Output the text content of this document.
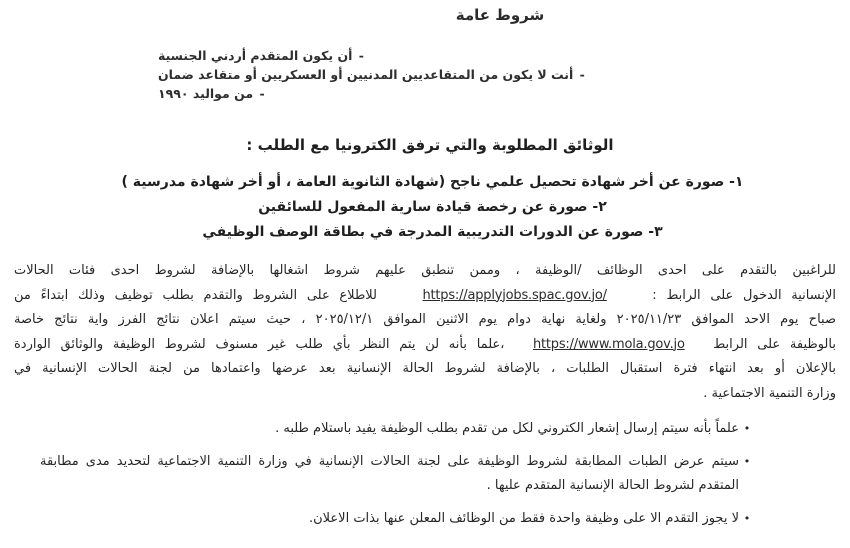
شروط عامة
-
أن يكون المتقدم أردني الجنسية
-
أنت لا يكون من المتقاعديين المدنيين أو العسكريين أو متقاعد ضمان
-
من مواليد ١٩٩٠
الوثائق المطلوبة والتي ترفق الكترونيا مع الطلب :
١- صورة عن أخر شهادة تحصيل علمي ناجح (شهادة الثانوية العامة ، أو أخر شهادة مدرسية )
٢- صورة عن رخصة قيادة سارية المفعول للسائقين
٣- صورة عن الدورات التدريبية المدرجة في بطاقة الوصف الوظيفي
للراغبين بالتقدم على احدى الوظائف /الوظيفة ، وممن تنطبق عليهم شروط اشغالها بالإضافة لشروط احدى فئات الحالات
الإنسانية الدخول على الرابط :  https://applyjobs.spac.gov.jo/  للاطلاع على الشروط والتقدم بطلب توظيف وذلك ابتداءً من
صباح يوم الاحد الموافق ٢٠٢٥/١١/٢٣ ولغاية نهاية دوام يوم الاثنين الموافق ٢٠٢٥/١٢/١ ، حيث سيتم اعلان نتائج الفرز واية نتائج خاصة
بالوظيفة على الرابط  https://www.mola.gov.jo  ،علما بأنه لن يتم النظر بأي طلب غير مسنوف لشروط الوظيفة والوثائق الواردة
بالإعلان أو بعد انتهاء فترة استقبال الطلبات ، بالإضافة لشروط الحالة الإنسانية بعد عرضها واعتمادها من لجنة الحالات الإنسانية في
وزارة التنمية الاجتماعية .
•
علماً بأنه سيتم إرسال إشعار الكتروني لكل من تقدم بطلب الوظيفة يفيد باستلام طلبه .
•
سيتم عرض الطبات المطابقة لشروط الوظيفة على لجنة الحالات الإنسانية في وزارة التنمية الاجتماعية لتحديد مدى مطابقة
المتقدم لشروط الحالة الإنسانية المتقدم عليها .
•
لا يجوز التقدم الا على وظيفة واحدة فقط من الوظائف المعلن عنها بذات الاعلان.
